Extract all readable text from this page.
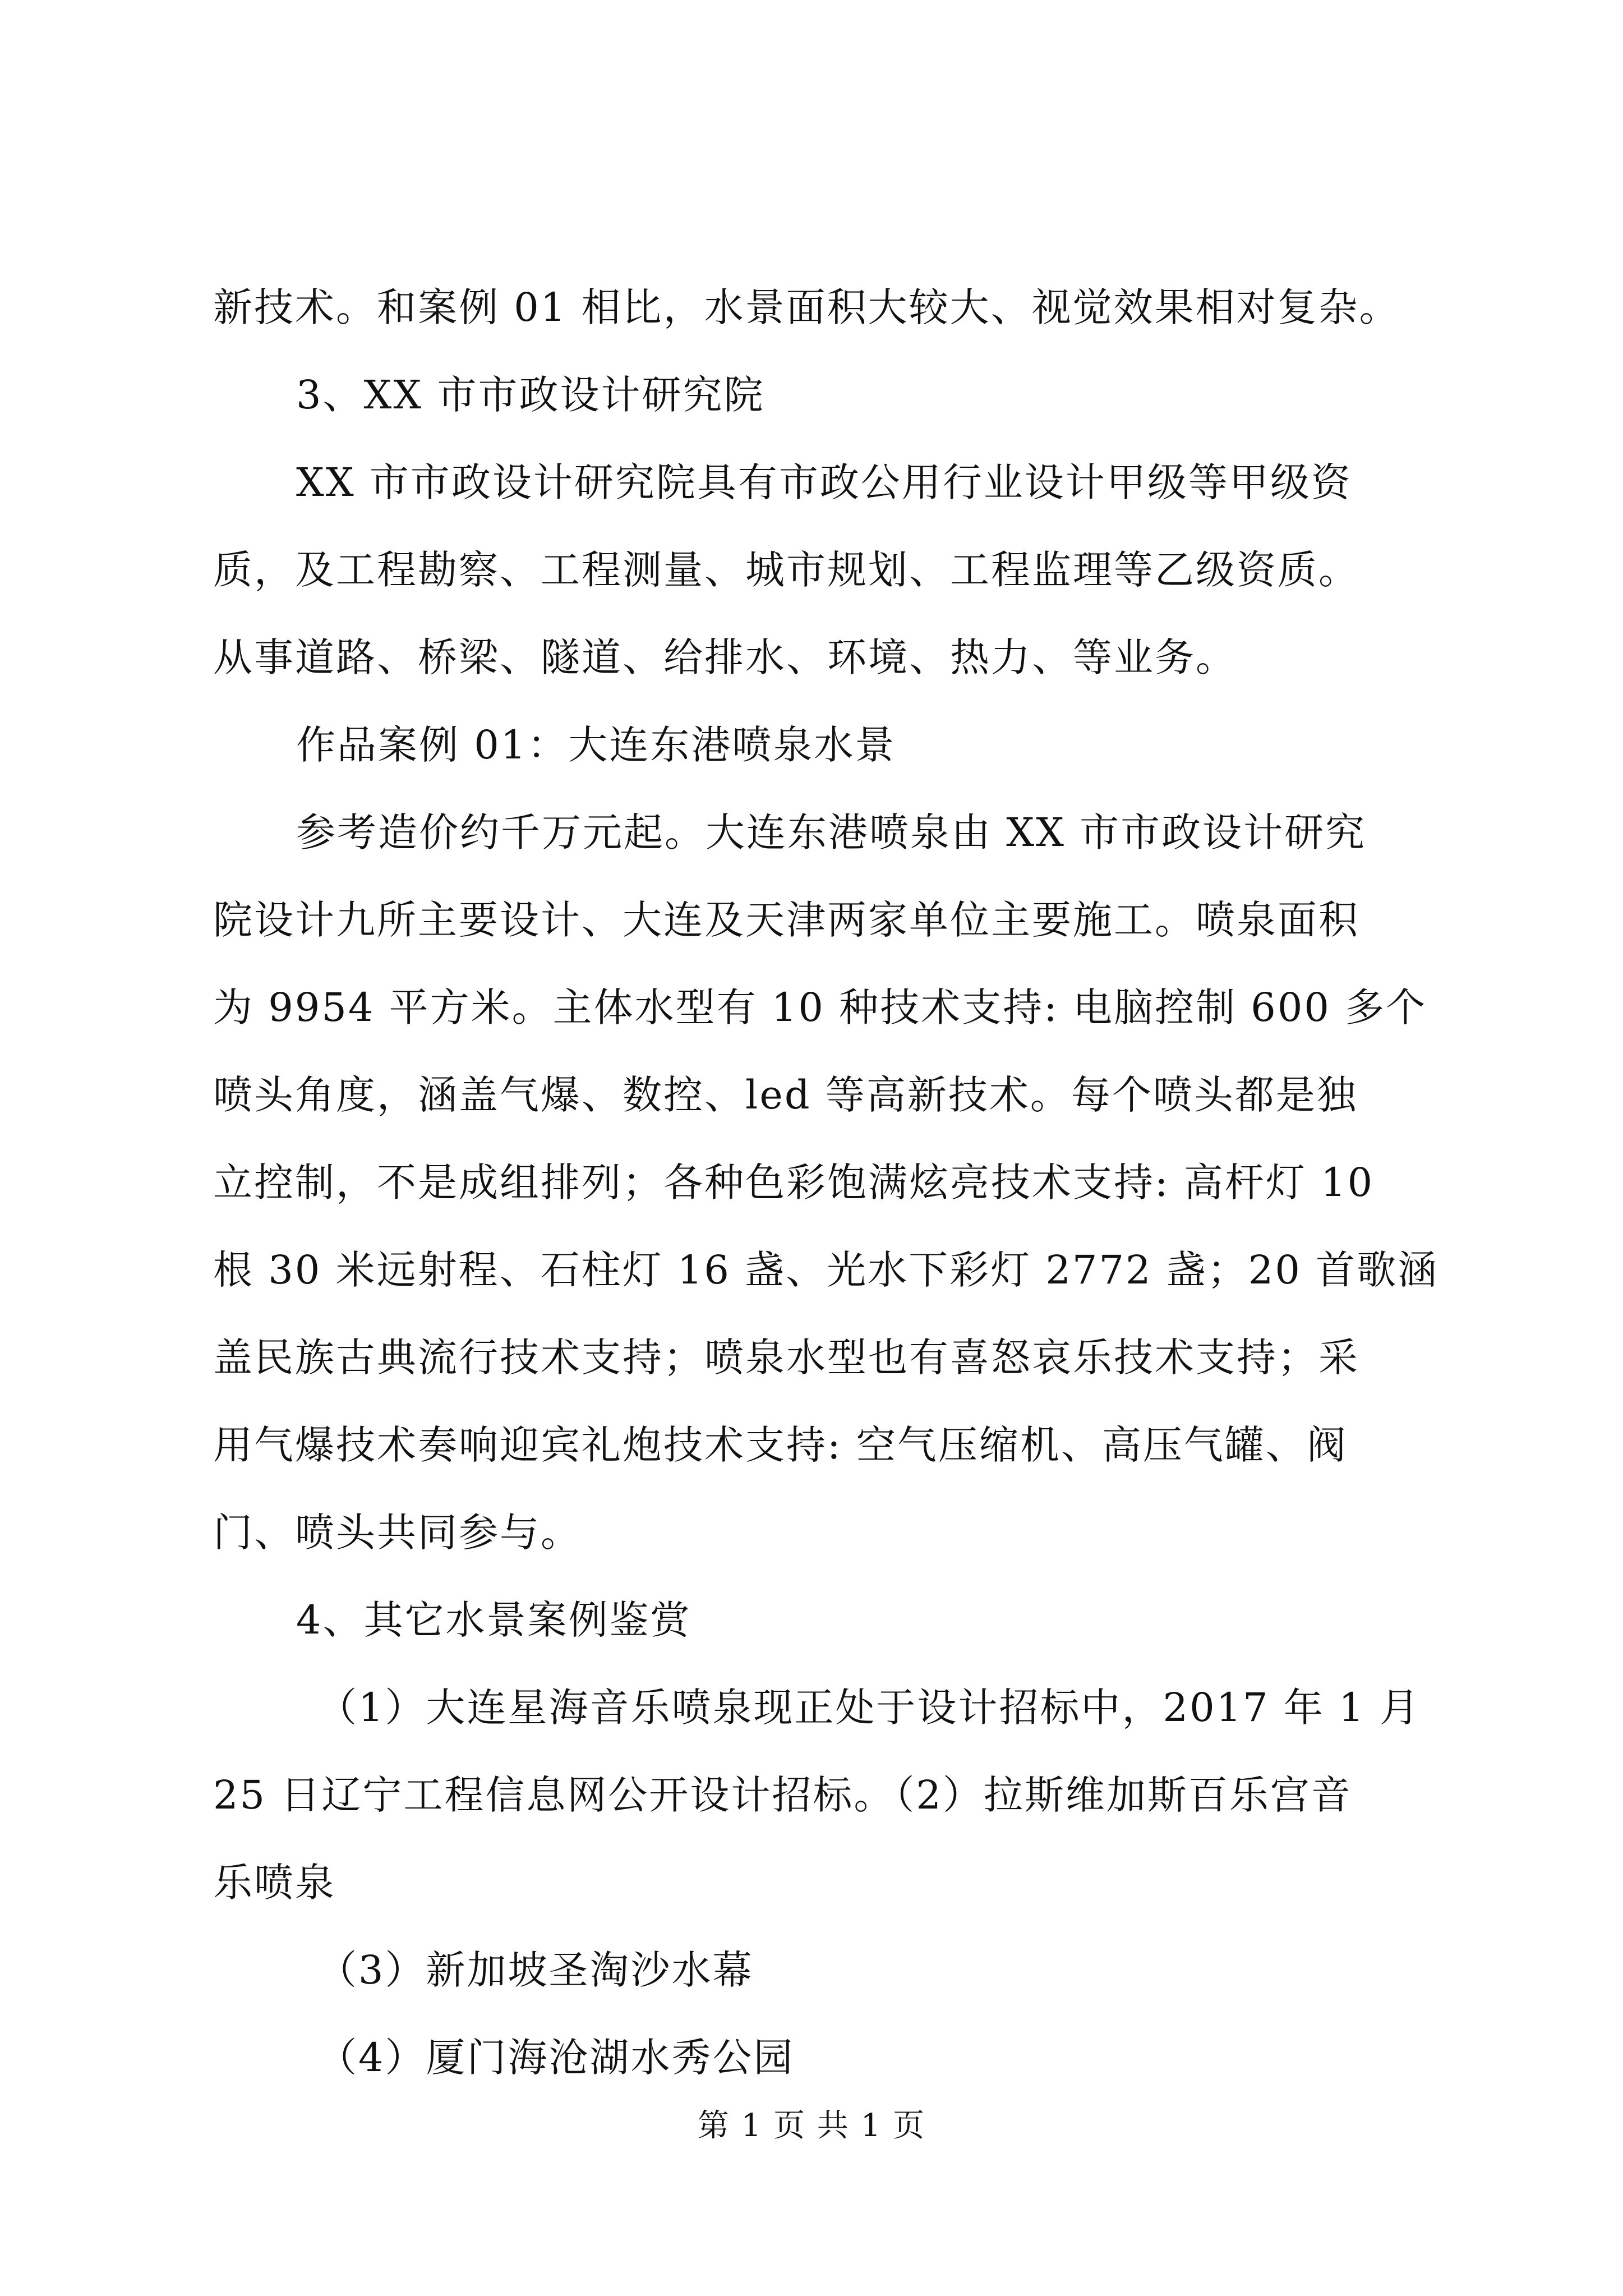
新技术。和案例 01 相比，水景面积大较大、视觉效果相对复杂。
3、XX 市市政设计研究院
XX 市市政设计研究院具有市政公用行业设计甲级等甲级资
质，及工程勘察、工程测量、城市规划、工程监理等乙级资质。
从事道路、桥梁、隧道、给排水、环境、热力、等业务。
作品案例 01：大连东港喷泉水景
参考造价约千万元起。大连东港喷泉由 XX 市市政设计研究
院设计九所主要设计、大连及天津两家单位主要施工。喷泉面积
为 9954 平方米。主体水型有 10 种技术支持: 电脑控制 600 多个
喷头角度，涵盖气爆、数控、led 等高新技术。每个喷头都是独
立控制，不是成组排列；各种色彩饱满炫亮技术支持: 高杆灯 10
根 30 米远射程、石柱灯 16 盏、光水下彩灯 2772 盏；20 首歌涵
盖民族古典流行技术支持；喷泉水型也有喜怒哀乐技术支持；采
用气爆技术奏响迎宾礼炮技术支持: 空气压缩机、高压气罐、阀
门、喷头共同参与。
4、其它水景案例鉴赏
（1）大连星海音乐喷泉现正处于设计招标中，2017 年 1 月
25 日辽宁工程信息网公开设计招标。（2）拉斯维加斯百乐宫音
乐喷泉
（3）新加坡圣淘沙水幕
（4）厦门海沧湖水秀公园
第 1 页 共 1 页
